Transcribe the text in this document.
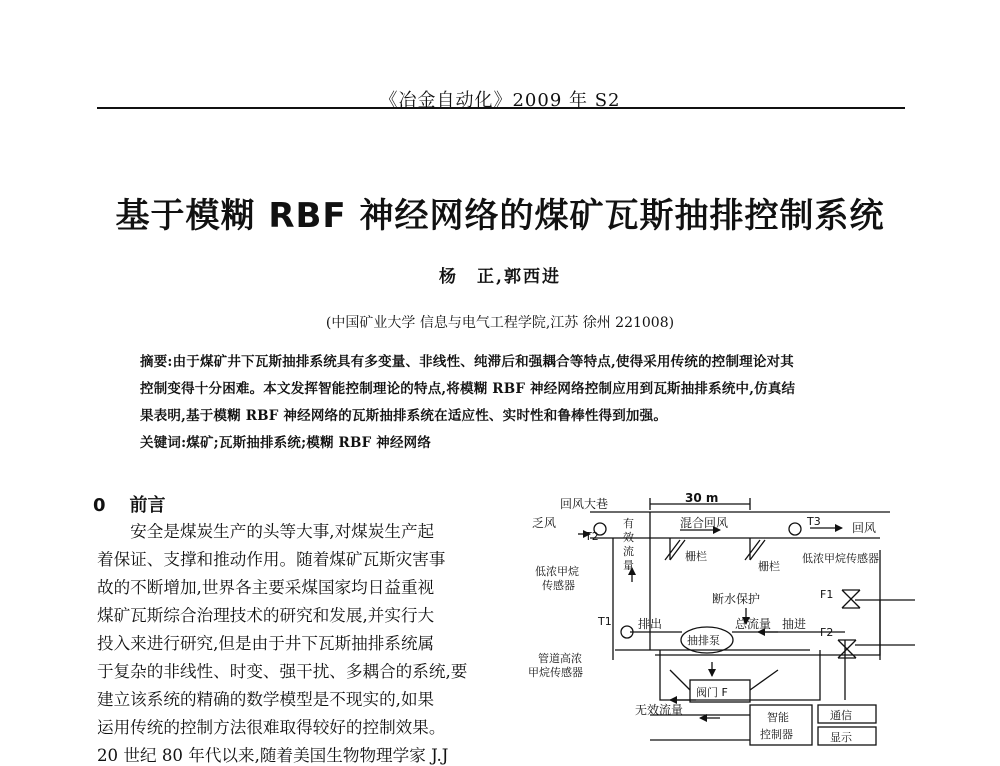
《冶金自动化》2009 年 S2
基于模糊 RBF 神经网络的煤矿瓦斯抽排控制系统
杨　正,郭西进
(中国矿业大学 信息与电气工程学院,江苏 徐州 221008)
摘要:由于煤矿井下瓦斯抽排系统具有多变量、非线性、纯滞后和强耦合等特点,使得采用传统的控制理论对其
控制变得十分困难。本文发挥智能控制理论的特点,将模糊 RBF 神经网络控制应用到瓦斯抽排系统中,仿真结
果表明,基于模糊 RBF 神经网络的瓦斯抽排系统在适应性、实时性和鲁棒性得到加强。
关键词:煤矿;瓦斯抽排系统;模糊 RBF 神经网络
0 前言
　　安全是煤炭生产的头等大事,对煤炭生产起
着保证、支撑和推动作用。随着煤矿瓦斯灾害事
故的不断增加,世界各主要采煤国家均日益重视
煤矿瓦斯综合治理技术的研究和发展,并实行大
投入来进行研究,但是由于井下瓦斯抽排系统属
于复杂的非线性、时变、强干扰、多耦合的系统,要
建立该系统的精确的数学模型是不现实的,如果
运用传统的控制方法很难取得较好的控制效果。
20 世纪 80 年代以来,随着美国生物物理学家 J.J
回风大巷	30 m
乏风
T2
有
效
流
量
混合回风	T3	回风
栅栏
栅栏
低浓甲烷
传感器
低浓甲烷传感器
断水保护	F1
T1 排出	总流量 抽进
抽排泵
F2
管道高浓
甲烷传感器
阀门 F
无效流量
智能
控制器
通信
显示
